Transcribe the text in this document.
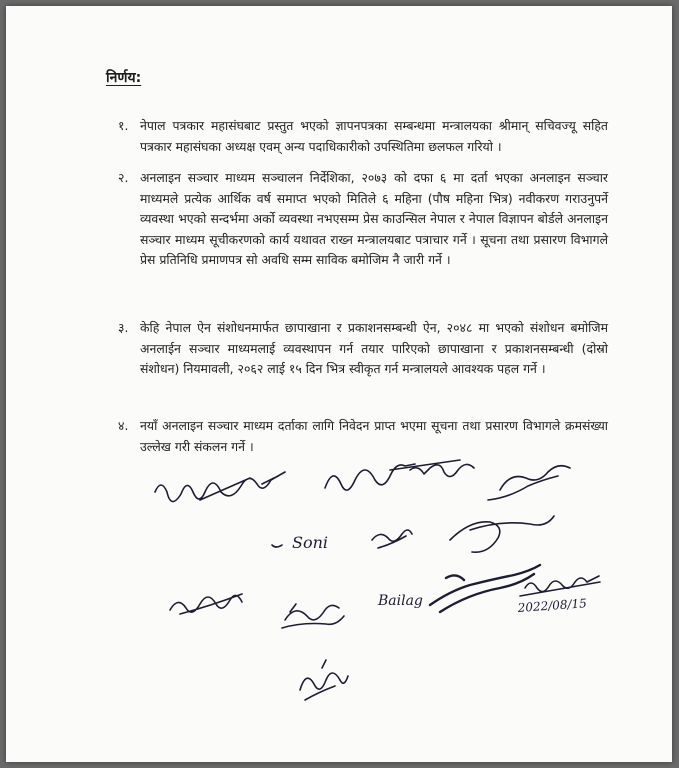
निर्णय:
१. नेपाल पत्रकार महासंघबाट प्रस्तुत भएको ज्ञापनपत्रका सम्बन्धमा मन्त्रालयका श्रीमान् सचिवज्यू सहित पत्रकार महासंघका अध्यक्ष एवम् अन्य पदाधिकारीको उपस्थितिमा छलफल गरियो ।
२. अनलाइन सञ्चार माध्यम सञ्चालन निर्देशिका, २०७३ को दफा ६ मा दर्ता भएका अनलाइन सञ्चार माध्यमले प्रत्येक आर्थिक वर्ष समाप्त भएको मितिले ६ महिना (पौष महिना भित्र) नवीकरण गराउनुपर्ने व्यवस्था भएको सन्दर्भमा अर्को व्यवस्था नभएसम्म प्रेस काउन्सिल नेपाल र नेपाल विज्ञापन बोर्डले अनलाइन सञ्चार माध्यम सूचीकरणको कार्य यथावत राख्न मन्त्रालयबाट पत्राचार गर्ने । सूचना तथा प्रसारण विभागले प्रेस प्रतिनिधि प्रमाणपत्र सो अवधि सम्म साविक बमोजिम नै जारी गर्ने ।
३. केहि नेपाल ऐन संशोधनमार्फत छापाखाना र प्रकाशनसम्बन्धी ऐन, २०४८ मा भएको संशोधन बमोजिम अनलाईन सञ्चार माध्यमलाई व्यवस्थापन गर्न तयार पारिएको छापाखाना र प्रकाशनसम्बन्धी (दोस्रो संशोधन) नियमावली, २०६२ लाई १५ दिन भित्र स्वीकृत गर्न मन्त्रालयले आवश्यक पहल गर्ने ।
४. नयाँ अनलाइन सञ्चार माध्यम दर्ताका लागि निवेदन प्राप्त भएमा सूचना तथा प्रसारण विभागले क्रमसंख्या उल्लेख गरी संकलन गर्ने ।
Soni
Bailag	2022/08/15
